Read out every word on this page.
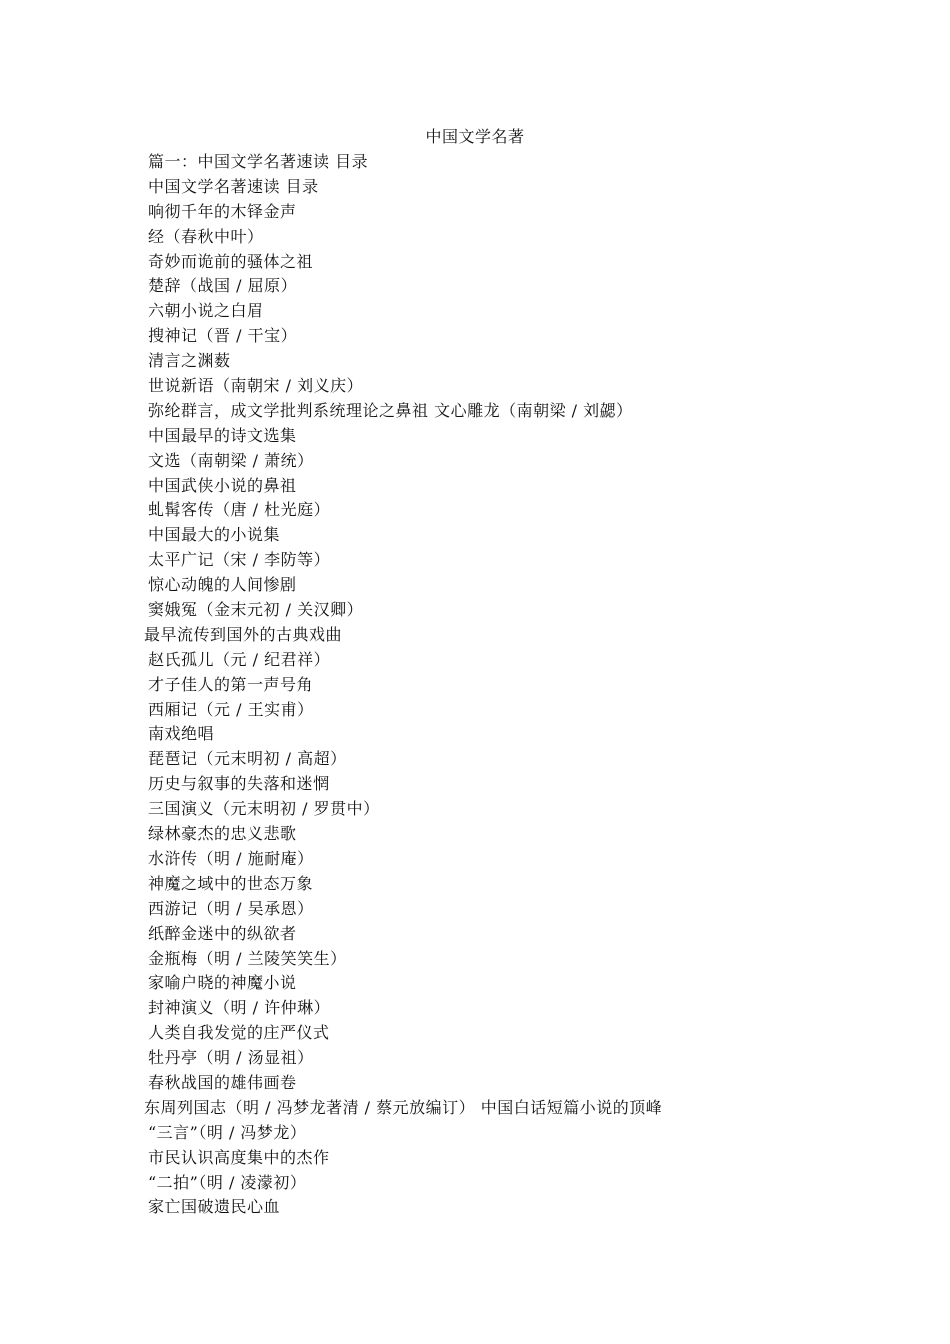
中国文学名著
篇一：中国文学名著速读 目录
中国文学名著速读 目录
响彻千年的木铎金声
经（春秋中叶）
奇妙而诡前的骚体之祖
楚辞（战国 / 屈原）
六朝小说之白眉
搜神记（晋 / 干宝）
清言之渊薮
世说新语（南朝宋 / 刘义庆）
弥纶群言，成文学批判系统理论之鼻祖 文心雕龙（南朝梁 / 刘勰）
中国最早的诗文选集
文选（南朝梁 / 萧统）
中国武侠小说的鼻祖
虬髯客传（唐 / 杜光庭）
中国最大的小说集
太平广记（宋 / 李防等）
惊心动魄的人间惨剧
窦娥冤（金末元初 / 关汉卿）
最早流传到国外的古典戏曲
赵氏孤儿（元 / 纪君祥）
才子佳人的第一声号角
西厢记（元 / 王实甫）
南戏绝唱
琵琶记（元末明初 / 高超）
历史与叙事的失落和迷惘
三国演义（元末明初 / 罗贯中）
绿林豪杰的忠义悲歌
水浒传（明 / 施耐庵）
神魔之域中的世态万象
西游记（明 / 吴承恩）
纸醉金迷中的纵欲者
金瓶梅（明 / 兰陵笑笑生）
家喻户晓的神魔小说
封神演义（明 / 许仲琳）
人类自我发觉的庄严仪式
牡丹亭（明 / 汤显祖）
春秋战国的雄伟画卷
东周列国志（明 / 冯梦龙著清 / 蔡元放编订） 中国白话短篇小说的顶峰
“三言”（明 / 冯梦龙）
市民认识高度集中的杰作
“二拍”（明 / 凌濛初）
家亡国破遗民心血
